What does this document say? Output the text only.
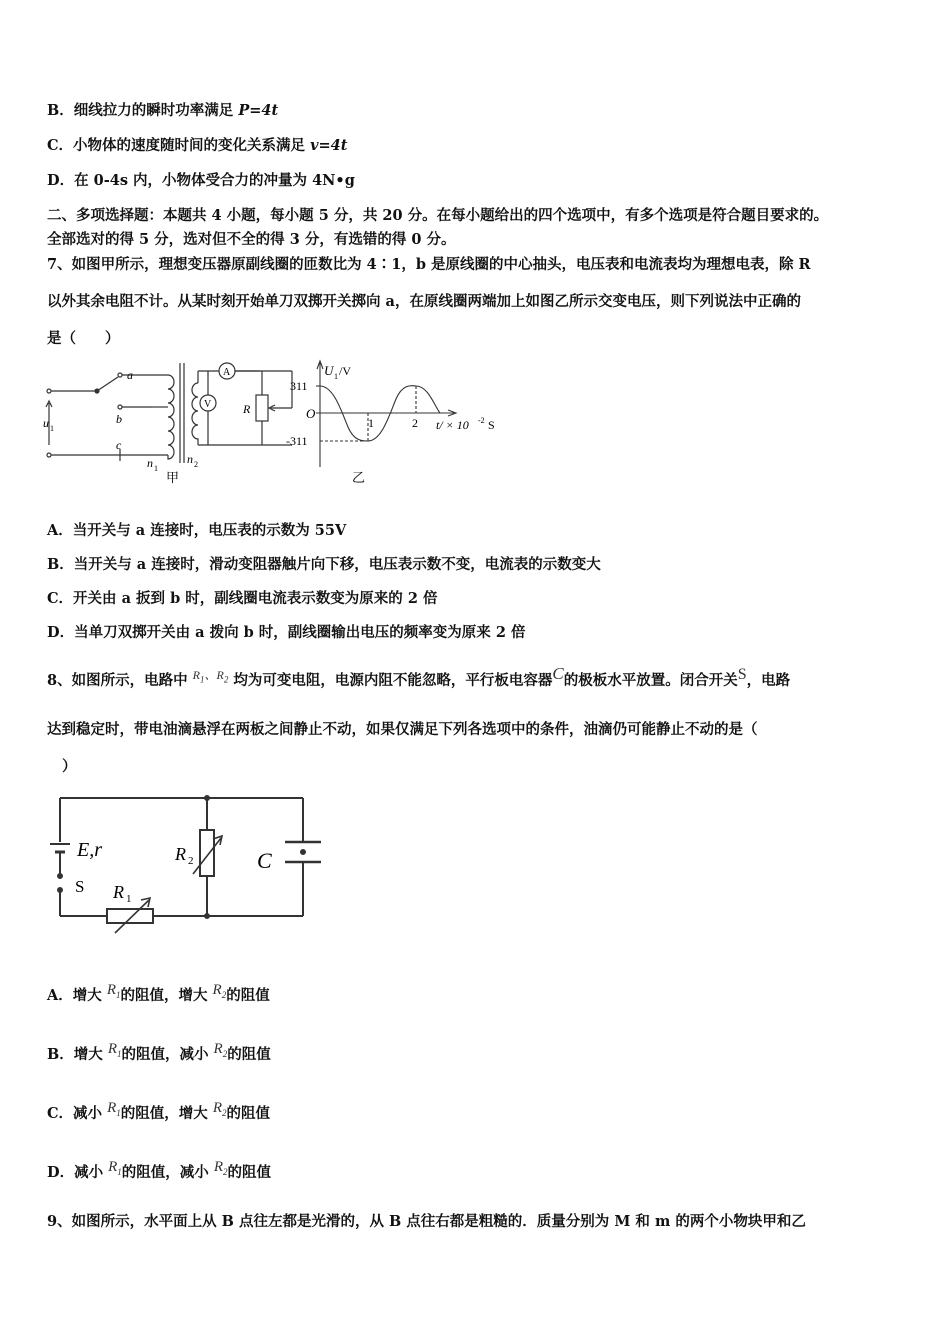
B．细线拉力的瞬时功率满足 P=4t
C．小物体的速度随时间的变化关系满足 v=4t
D．在 0-4s 内，小物体受合力的冲量为 4N•g
二、多项选择题：本题共 4 小题，每小题 5 分，共 20 分。在每小题给出的四个选项中，有多个选项是符合题目要求的。
全部选对的得 5 分，选对但不全的得 3 分，有选错的得 0 分。
7、如图甲所示，理想变压器原副线圈的匝数比为 4∶1，b 是原线圈的中心抽头，电压表和电流表均为理想电表，除 R
以外其余电阻不计。从某时刻开始单刀双掷开关掷向 a，在原线圈两端加上如图乙所示交变电压，则下列说法中正确的
是（　　）
a
b
c
u 1
n 1
n 2
A
V	R
甲
U 1 /V
311
-311
O
1	2 t/ × 10 -2 S
乙
A．当开关与 a 连接时，电压表的示数为 55V
B．当开关与 a 连接时，滑动变阻器触片向下移，电压表示数不变，电流表的示数变大
C．开关由 a 扳到 b 时，副线圈电流表示数变为原来的 2 倍
D．当单刀双掷开关由 a 拨向 b 时，副线圈输出电压的频率变为原来 2 倍
8、如图所示，电路中 $^{R_1、R_2}$ 均为可变电阻，电源内阻不能忽略，平行板电容器C的极板水平放置。闭合开关S，电路
达到稳定时，带电油滴悬浮在两板之间静止不动，如果仅满足下列各选项中的条件，油滴仍可能静止不动的是（
）
E,r
S R 1
R 2	C
A．增大 $R_1$的阻值，增大 $R_2$的阻值
B．增大 $R_1$的阻值，减小 $R_2$的阻值
C．减小 $R_1$的阻值，增大 $R_2$的阻值
D．减小 $R_1$的阻值，减小 $R_2$的阻值
9、如图所示，水平面上从 B 点往左都是光滑的，从 B 点往右都是粗糙的．质量分别为 M 和 m 的两个小物块甲和乙
